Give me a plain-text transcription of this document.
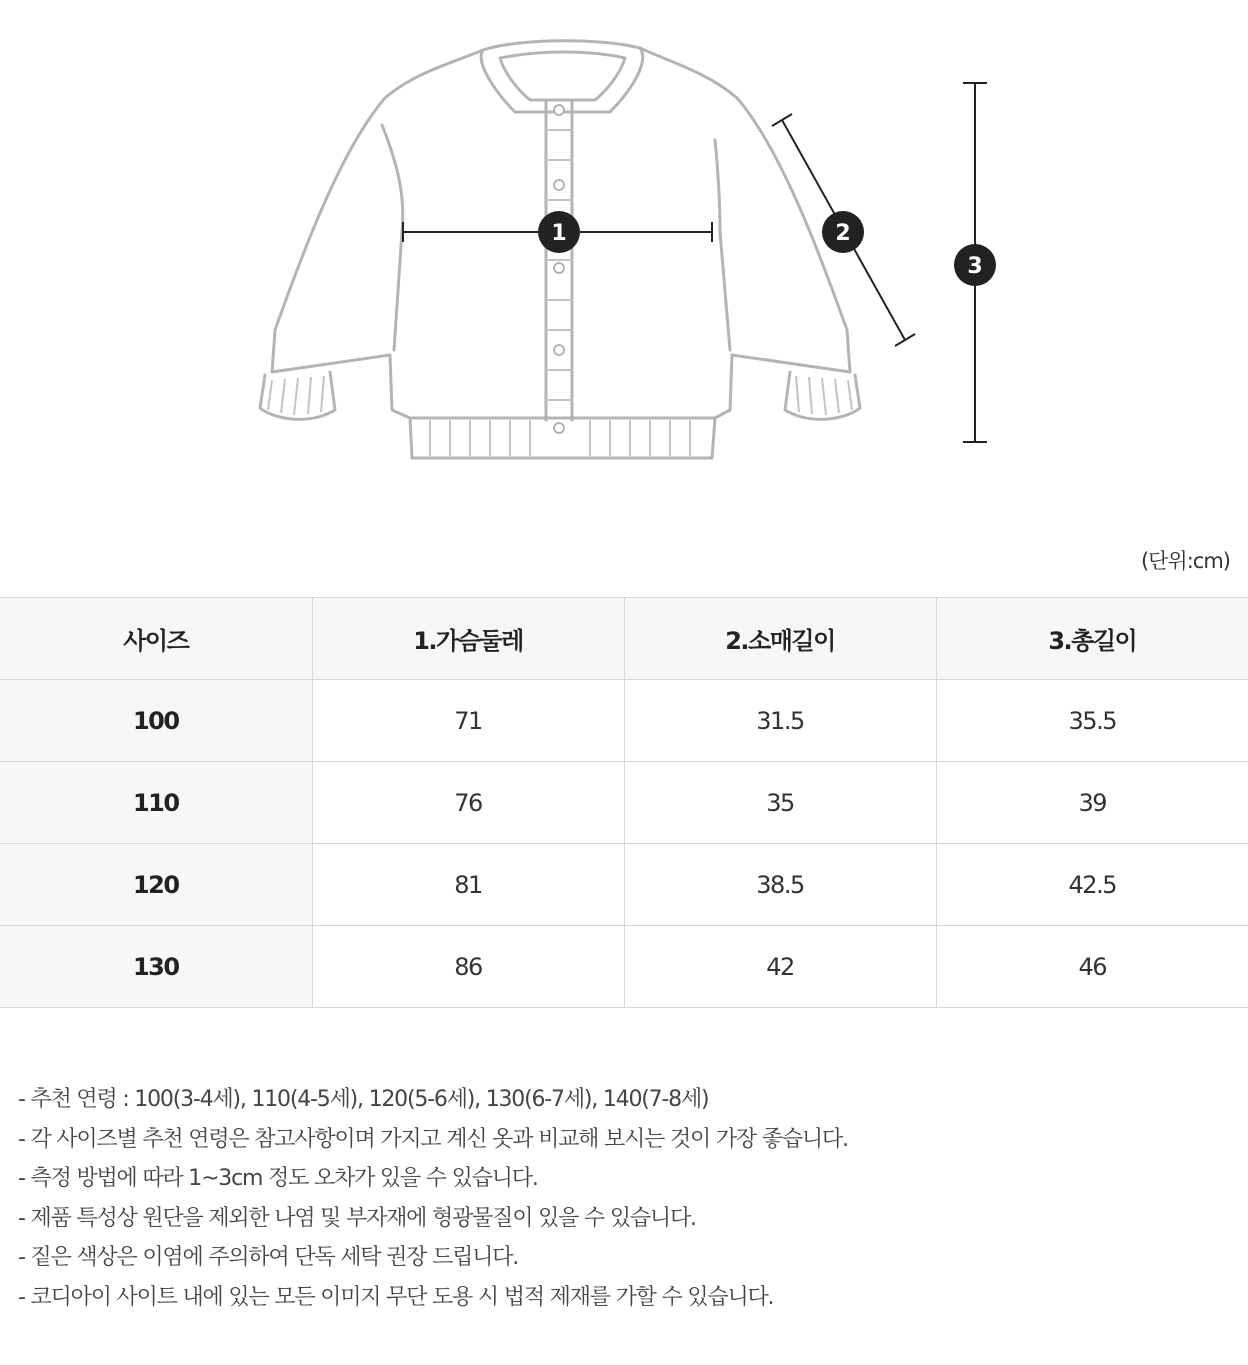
1	2
3
(단위:cm)
사이즈	1.가슴둘레	2.소매길이	3.총길이
100	71	31.5	35.5
110	76	35	39
120	81	38.5	42.5
130	86	42	46
- 추천 연령 : 100(3-4세), 110(4-5세), 120(5-6세), 130(6-7세), 140(7-8세)
- 각 사이즈별 추천 연령은 참고사항이며 가지고 계신 옷과 비교해 보시는 것이 가장 좋습니다.
- 측정 방법에 따라 1~3cm 정도 오차가 있을 수 있습니다.
- 제품 특성상 원단을 제외한 나염 및 부자재에 형광물질이 있을 수 있습니다.
- 짙은 색상은 이염에 주의하여 단독 세탁 권장 드립니다.
- 코디아이 사이트 내에 있는 모든 이미지 무단 도용 시 법적 제재를 가할 수 있습니다.
